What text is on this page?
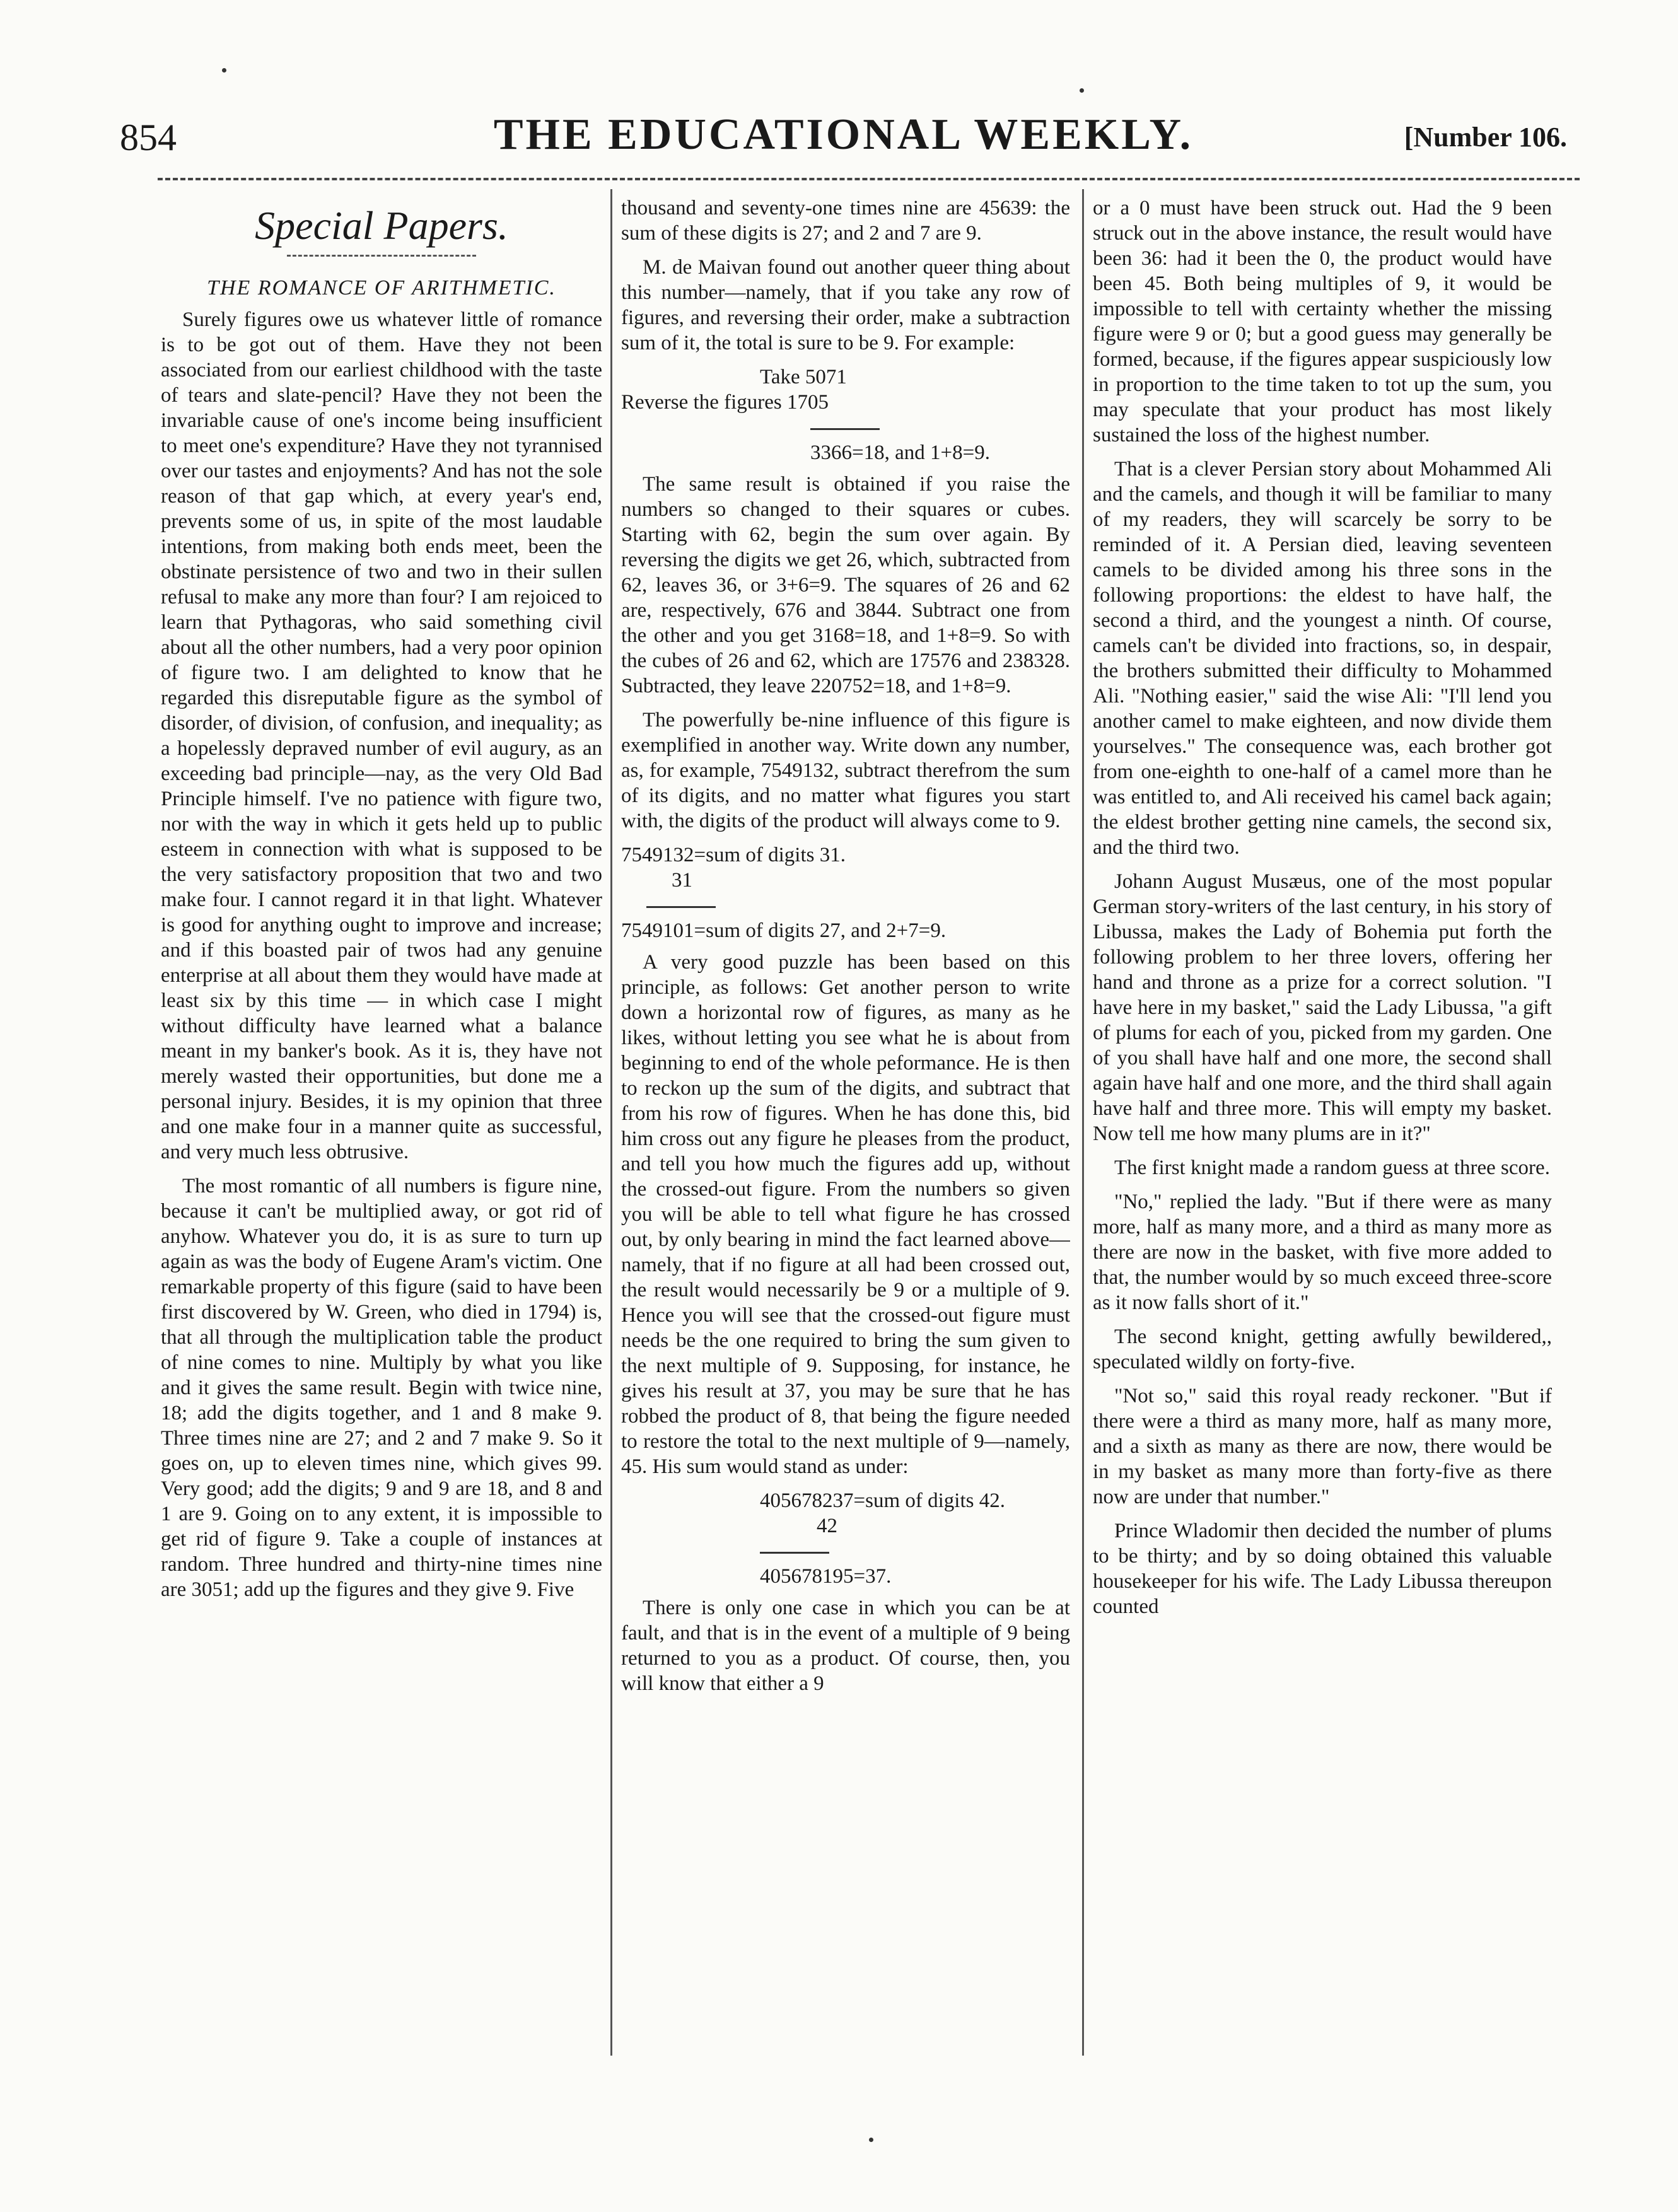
854	THE EDUCATIONAL WEEKLY.	[Number 106.
Special Papers.
THE ROMANCE OF ARITHMETIC.

Surely figures owe us whatever little of romance is to be got out of them. Have they not been associated from our earliest childhood with the taste of tears and slate-pencil? Have they not been the invariable cause of one's income being insufficient to meet one's expenditure? Have they not tyrannised over our tastes and enjoyments? And has not the sole reason of that gap which, at every year's end, prevents some of us, in spite of the most laudable intentions, from making both ends meet, been the obstinate persistence of two and two in their sullen refusal to make any more than four? I am rejoiced to learn that Pythagoras, who said something civil about all the other numbers, had a very poor opinion of figure two. I am delighted to know that he regarded this disreputable figure as the symbol of disorder, of division, of confusion, and inequality; as a hopelessly depraved number of evil augury, as an exceeding bad principle—nay, as the very Old Bad Principle himself. I've no patience with figure two, nor with the way in which it gets held up to public esteem in connection with what is supposed to be the very satisfactory proposition that two and two make four. I cannot regard it in that light. Whatever is good for anything ought to improve and increase; and if this boasted pair of twos had any genuine enterprise at all about them they would have made at least six by this time — in which case I might without difficulty have learned what a balance meant in my banker's book. As it is, they have not merely wasted their opportunities, but done me a personal injury. Besides, it is my opinion that three and one make four in a manner quite as successful, and very much less obtrusive.

The most romantic of all numbers is figure nine, because it can't be multiplied away, or got rid of anyhow. Whatever you do, it is as sure to turn up again as was the body of Eugene Aram's victim. One remarkable property of this figure (said to have been first discovered by W. Green, who died in 1794) is, that all through the multiplication table the product of nine comes to nine. Multiply by what you like and it gives the same result. Begin with twice nine, 18; add the digits together, and 1 and 8 make 9. Three times nine are 27; and 2 and 7 make 9. So it goes on, up to eleven times nine, which gives 99. Very good; add the digits; 9 and 9 are 18, and 8 and 1 are 9. Going on to any extent, it is impossible to get rid of figure 9. Take a couple of instances at random. Three hundred and thirty-nine times nine are 3051; add up the figures and they give 9. Five

thousand and seventy-one times nine are 45639: the sum of these digits is 27; and 2 and 7 are 9.

M. de Maivan found out another queer thing about this number—namely, that if you take any row of figures, and reversing their order, make a subtraction sum of it, the total is sure to be 9. For example:

Take 5071
Reverse the figures 1705
3366=18, and 1+8=9.

The same result is obtained if you raise the numbers so changed to their squares or cubes. Starting with 62, begin the sum over again. By reversing the digits we get 26, which, subtracted from 62, leaves 36, or 3+6=9. The squares of 26 and 62 are, respectively, 676 and 3844. Subtract one from the other and you get 3168=18, and 1+8=9. So with the cubes of 26 and 62, which are 17576 and 238328. Subtracted, they leave 220752=18, and 1+8=9.

The powerfully be-nine influence of this figure is exemplified in another way. Write down any number, as, for example, 7549132, subtract therefrom the sum of its digits, and no matter what figures you start with, the digits of the product will always come to 9.

7549132=sum of digits 31.
31
7549101=sum of digits 27, and 2+7=9.

A very good puzzle has been based on this principle, as follows: Get another person to write down a horizontal row of figures, as many as he likes, without letting you see what he is about from beginning to end of the whole peformance. He is then to reckon up the sum of the digits, and subtract that from his row of figures. When he has done this, bid him cross out any figure he pleases from the product, and tell you how much the figures add up, without the crossed-out figure. From the numbers so given you will be able to tell what figure he has crossed out, by only bearing in mind the fact learned above—namely, that if no figure at all had been crossed out, the result would necessarily be 9 or a multiple of 9. Hence you will see that the crossed-out figure must needs be the one required to bring the sum given to the next multiple of 9. Supposing, for instance, he gives his result at 37, you may be sure that he has robbed the product of 8, that being the figure needed to restore the total to the next multiple of 9—namely, 45. His sum would stand as under:

405678237=sum of digits 42.
42
405678195=37.

There is only one case in which you can be at fault, and that is in the event of a multiple of 9 being returned to you as a product. Of course, then, you will know that either a 9

or a 0 must have been struck out. Had the 9 been struck out in the above instance, the result would have been 36: had it been the 0, the product would have been 45. Both being multiples of 9, it would be impossible to tell with certainty whether the missing figure were 9 or 0; but a good guess may generally be formed, because, if the figures appear suspiciously low in proportion to the time taken to tot up the sum, you may speculate that your product has most likely sustained the loss of the highest number.

That is a clever Persian story about Mohammed Ali and the camels, and though it will be familiar to many of my readers, they will scarcely be sorry to be reminded of it. A Persian died, leaving seventeen camels to be divided among his three sons in the following proportions: the eldest to have half, the second a third, and the youngest a ninth. Of course, camels can't be divided into fractions, so, in despair, the brothers submitted their difficulty to Mohammed Ali. "Nothing easier," said the wise Ali: "I'll lend you another camel to make eighteen, and now divide them yourselves." The consequence was, each brother got from one-eighth to one-half of a camel more than he was entitled to, and Ali received his camel back again; the eldest brother getting nine camels, the second six, and the third two.

Johann August Musæus, one of the most popular German story-writers of the last century, in his story of Libussa, makes the Lady of Bohemia put forth the following problem to her three lovers, offering her hand and throne as a prize for a correct solution. "I have here in my basket," said the Lady Libussa, "a gift of plums for each of you, picked from my garden. One of you shall have half and one more, the second shall again have half and one more, and the third shall again have half and three more. This will empty my basket. Now tell me how many plums are in it?"

The first knight made a random guess at three score.

"No," replied the lady. "But if there were as many more, half as many more, and a third as many more as there are now in the basket, with five more added to that, the number would by so much exceed three-score as it now falls short of it."

The second knight, getting awfully bewildered,, speculated wildly on forty-five.

"Not so," said this royal ready reckoner. "But if there were a third as many more, half as many more, and a sixth as many as there are now, there would be in my basket as many more than forty-five as there now are under that number."

Prince Wladomir then decided the number of plums to be thirty; and by so doing obtained this valuable housekeeper for his wife. The Lady Libussa thereupon counted
